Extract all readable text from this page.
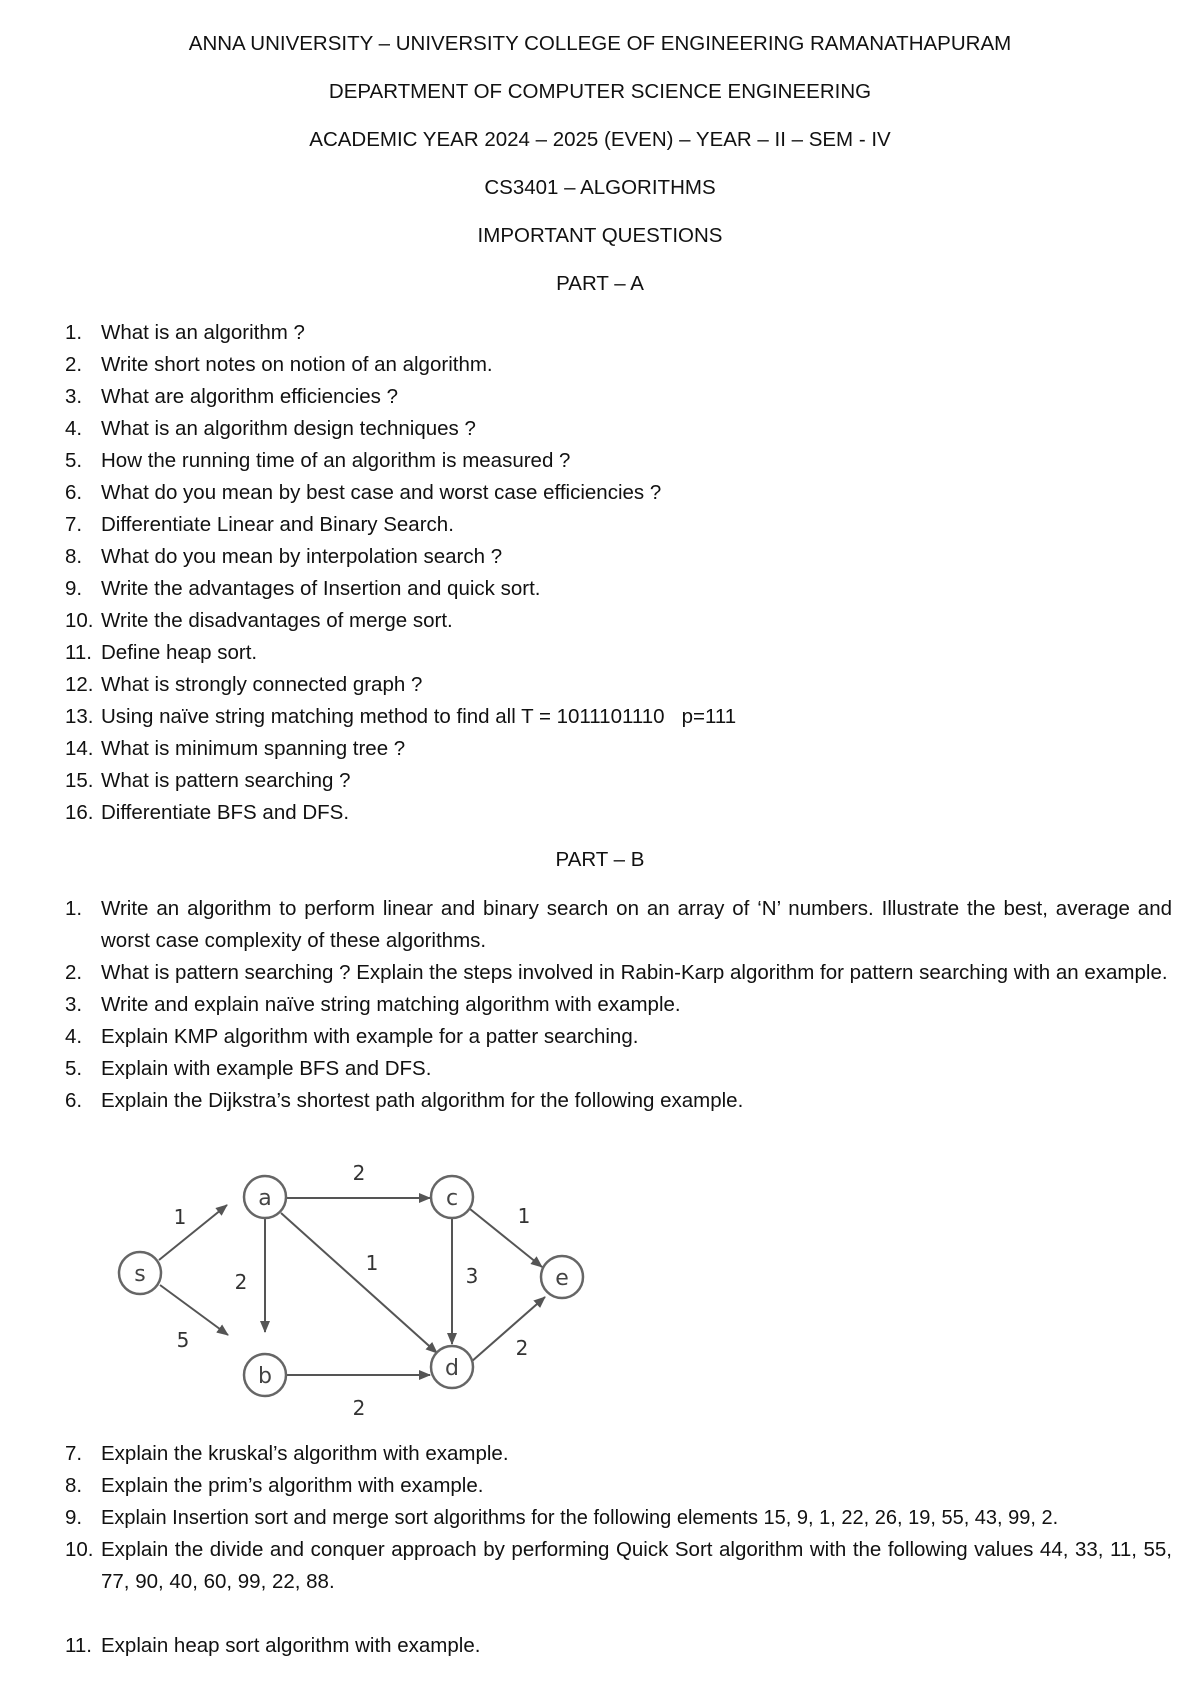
ANNA UNIVERSITY – UNIVERSITY COLLEGE OF ENGINEERING RAMANATHAPURAM
DEPARTMENT OF COMPUTER SCIENCE ENGINEERING
ACADEMIC YEAR 2024 – 2025 (EVEN) – YEAR – II – SEM - IV
CS3401 – ALGORITHMS
IMPORTANT QUESTIONS
PART – A
1. What is an algorithm ?
2. Write short notes on notion of an algorithm.
3. What are algorithm efficiencies ?
4. What is an algorithm design techniques ?
5. How the running time of an algorithm is measured ?
6. What do you mean by best case and worst case efficiencies ?
7. Differentiate Linear and Binary Search.
8. What do you mean by interpolation search ?
9. Write the advantages of Insertion and quick sort.
10. Write the disadvantages of merge sort.
11. Define heap sort.
12. What is strongly connected graph ?
13. Using naïve string matching method to find all T = 1011101110   p=111
14. What is minimum spanning tree ?
15. What is pattern searching ?
16. Differentiate BFS and DFS.
PART – B
1. Write an algorithm to perform linear and binary search on an array of ‘N’ numbers. Illustrate the best, average and worst case complexity of these algorithms.
2. What is pattern searching ? Explain the steps involved in Rabin-Karp algorithm for pattern searching with an example.
3. Write and explain naïve string matching algorithm with example.
4. Explain KMP algorithm with example for a patter searching.
5. Explain with example BFS and DFS.
6. Explain the Dijkstra’s shortest path algorithm for the following example.
s
a
b
c
d
e
1
5
2
2
1
3
1
2
2
7. Explain the kruskal’s algorithm with example.
8. Explain the prim’s algorithm with example.
9. Explain Insertion sort and merge sort algorithms for the following elements 15, 9, 1, 22, 26, 19, 55, 43, 99, 2.
10. Explain the divide and conquer approach by performing Quick Sort algorithm with the following values 44, 33, 11, 55, 77, 90, 40, 60, 99, 22, 88.
11. Explain heap sort algorithm with example.
